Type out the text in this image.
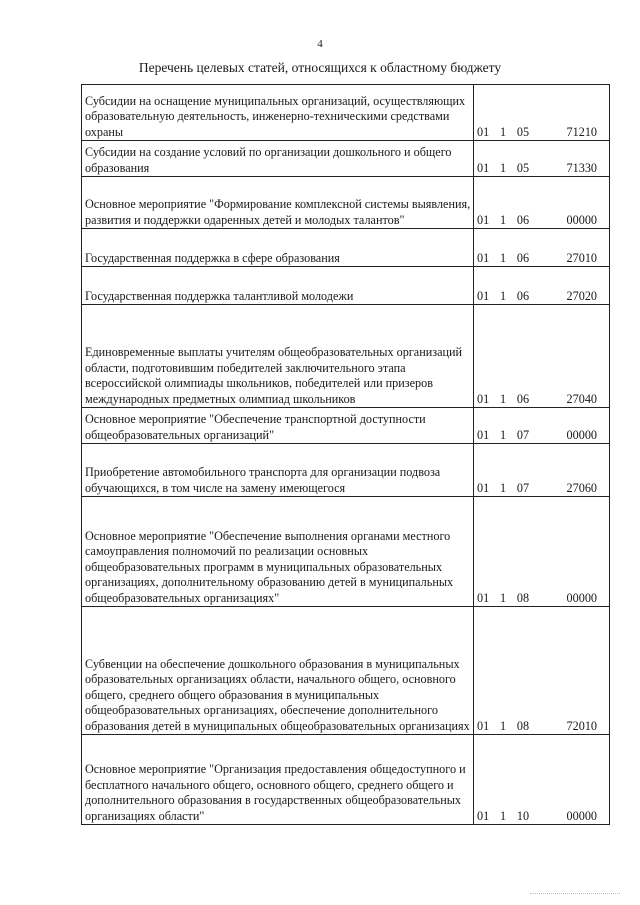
4
Перечень целевых статей, относящихся к областному бюджету
Субсидии на оснащение муниципальных организаций, осуществляющих образовательную деятельность, инженерно-техническими средствами охраны	01 1 05 71210
Субсидии на создание условий по организации дошкольного и общего образования	01 1 05 71330
Основное мероприятие "Формирование комплексной системы выявления, развития и поддержки одаренных детей и молодых талантов"	01 1 06 00000
Государственная поддержка в сфере образования	01 1 06 27010
Государственная поддержка талантливой молодежи	01 1 06 27020
Единовременные выплаты учителям общеобразовательных организаций области, подготовившим победителей заключительного этапа всероссийской олимпиады школьников, победителей или призеров международных предметных олимпиад школьников	01 1 06 27040
Основное мероприятие "Обеспечение транспортной доступности общеобразовательных организаций"	01 1 07 00000
Приобретение автомобильного транспорта для организации подвоза обучающихся, в том числе на замену имеющегося	01 1 07 27060
Основное мероприятие "Обеспечение выполнения органами местного самоуправления полномочий по реализации основных общеобразовательных программ в муниципальных образовательных организациях, дополнительному образованию детей в муниципальных общеобразовательных организациях"	01 1 08 00000
Субвенции на обеспечение дошкольного образования в муниципальных образовательных организациях области, начального общего, основного общего, среднего общего образования в муниципальных общеобразовательных организациях, обеспечение дополнительного образования детей в муниципальных общеобразовательных организациях	01 1 08 72010
Основное мероприятие "Организация предоставления общедоступного и бесплатного начального общего, основного общего, среднего общего и дополнительного образования в государственных общеобразовательных организациях области"	01 1 10 00000
